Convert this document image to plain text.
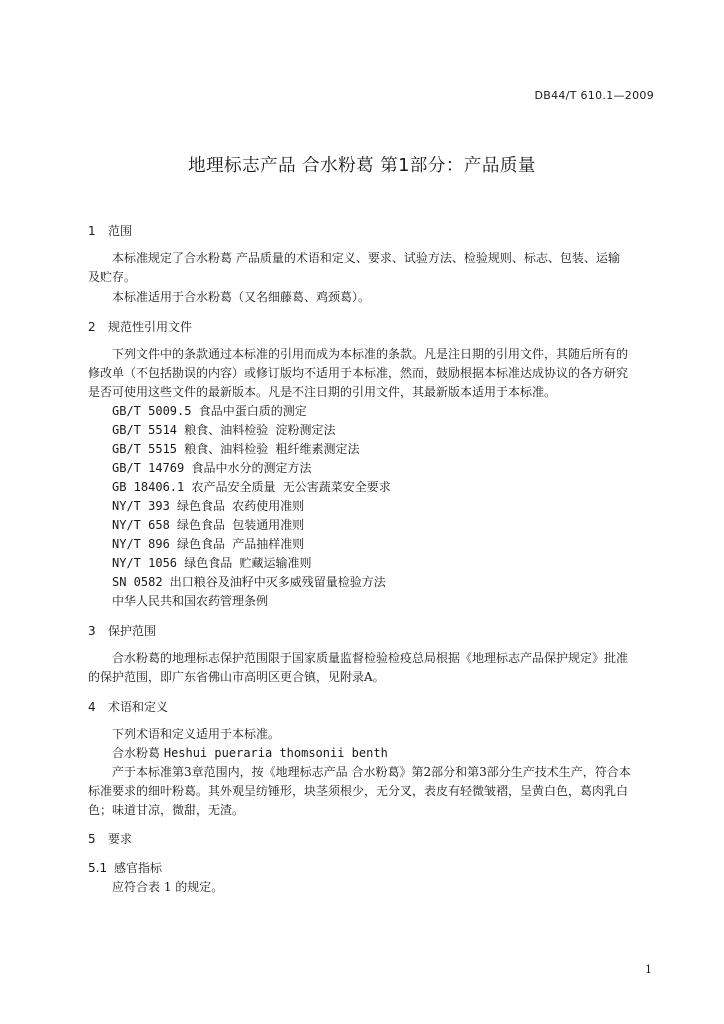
DB44/T 610.1—2009
地理标志产品 合水粉葛 第1部分：产品质量
1 范围
本标准规定了合水粉葛 产品质量的术语和定义、要求、试验方法、检验规则、标志、包装、运输
及贮存。
本标准适用于合水粉葛（又名细藤葛、鸡颈葛）。
2 规范性引用文件
下列文件中的条款通过本标准的引用而成为本标准的条款。凡是注日期的引用文件，其随后所有的
修改单（不包括勘误的内容）或修订版均不适用于本标准，然而，鼓励根据本标准达成协议的各方研究
是否可使用这些文件的最新版本。凡是不注日期的引用文件，其最新版本适用于本标准。
GB/T 5009.5 食品中蛋白质的测定
GB/T 5514 粮食、油料检验 淀粉测定法
GB/T 5515 粮食、油料检验 粗纤维素测定法
GB/T 14769 食品中水分的测定方法
GB 18406.1 农产品安全质量 无公害蔬菜安全要求
NY/T 393 绿色食品 农药使用准则
NY/T 658 绿色食品 包装通用准则
NY/T 896 绿色食品 产品抽样准则
NY/T 1056 绿色食品 贮藏运输准则
SN 0582 出口粮谷及油籽中灭多威残留量检验方法
中华人民共和国农药管理条例
3 保护范围
合水粉葛的地理标志保护范围限于国家质量监督检验检疫总局根据《地理标志产品保护规定》批准
的保护范围，即广东省佛山市高明区更合镇，见附录A。
4 术语和定义
下列术语和定义适用于本标准。
合水粉葛 Heshui pueraria thomsonii benth
产于本标准第3章范围内，按《地理标志产品 合水粉葛》第2部分和第3部分生产技术生产，符合本
标准要求的细叶粉葛。其外观呈纺锤形，块茎须根少，无分叉，表皮有轻微皱褶，呈黄白色，葛肉乳白
色；味道甘凉，微甜，无渣。
5 要求
5.1 感官指标
应符合表 1 的规定。
1
